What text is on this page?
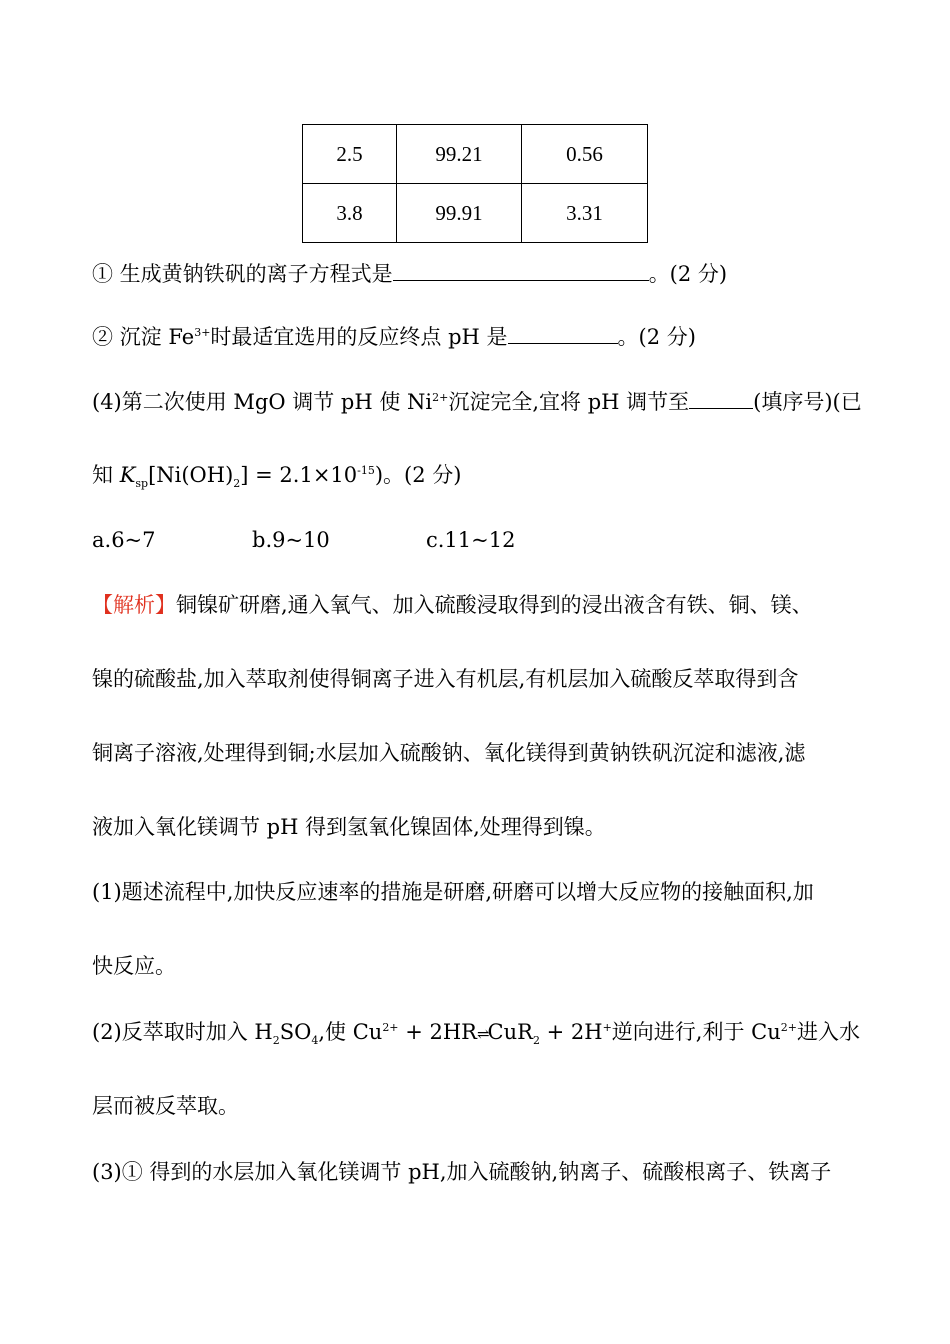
2.5	99.21	0.56
3.8	99.91	3.31
① 生成黄钠铁矾的离子方程式是	。(2 分)
② 沉淀 $Fe^{3+}$时最适宜选用的反应终点 pH 是	。(2 分)
(4)第二次使用 MgO 调节 pH 使 $Ni^{2+}$沉淀完全,宜将 pH 调节至	(填序号)(已
知 $K_{sp}[Ni(OH)_2] = 2.1\times 10^{-15}$)。(2 分)
a.6~7	b.9~10	c.11~12
【解析】铜镍矿研磨,通入氧气、加入硫酸浸取得到的浸出液含有铁、铜、镁、
镍的硫酸盐,加入萃取剂使得铜离子进入有机层,有机层加入硫酸反萃取得到含
铜离子溶液,处理得到铜;水层加入硫酸钠、氧化镁得到黄钠铁矾沉淀和滤液,滤
液加入氧化镁调节 pH 得到氢氧化镍固体,处理得到镍。
(1)题述流程中,加快反应速率的措施是研磨,研磨可以增大反应物的接触面积,加
快反应。
(2)反萃取时加入 $H_2SO_4$,使 $Cu^{2+}$ + 2HR⇌CuR$_2$ + 2H+逆向进行,利于 $Cu^{2+}$进入水
层而被反萃取。
(3)① 得到的水层加入氧化镁调节 pH,加入硫酸钠,钠离子、硫酸根离子、铁离子
